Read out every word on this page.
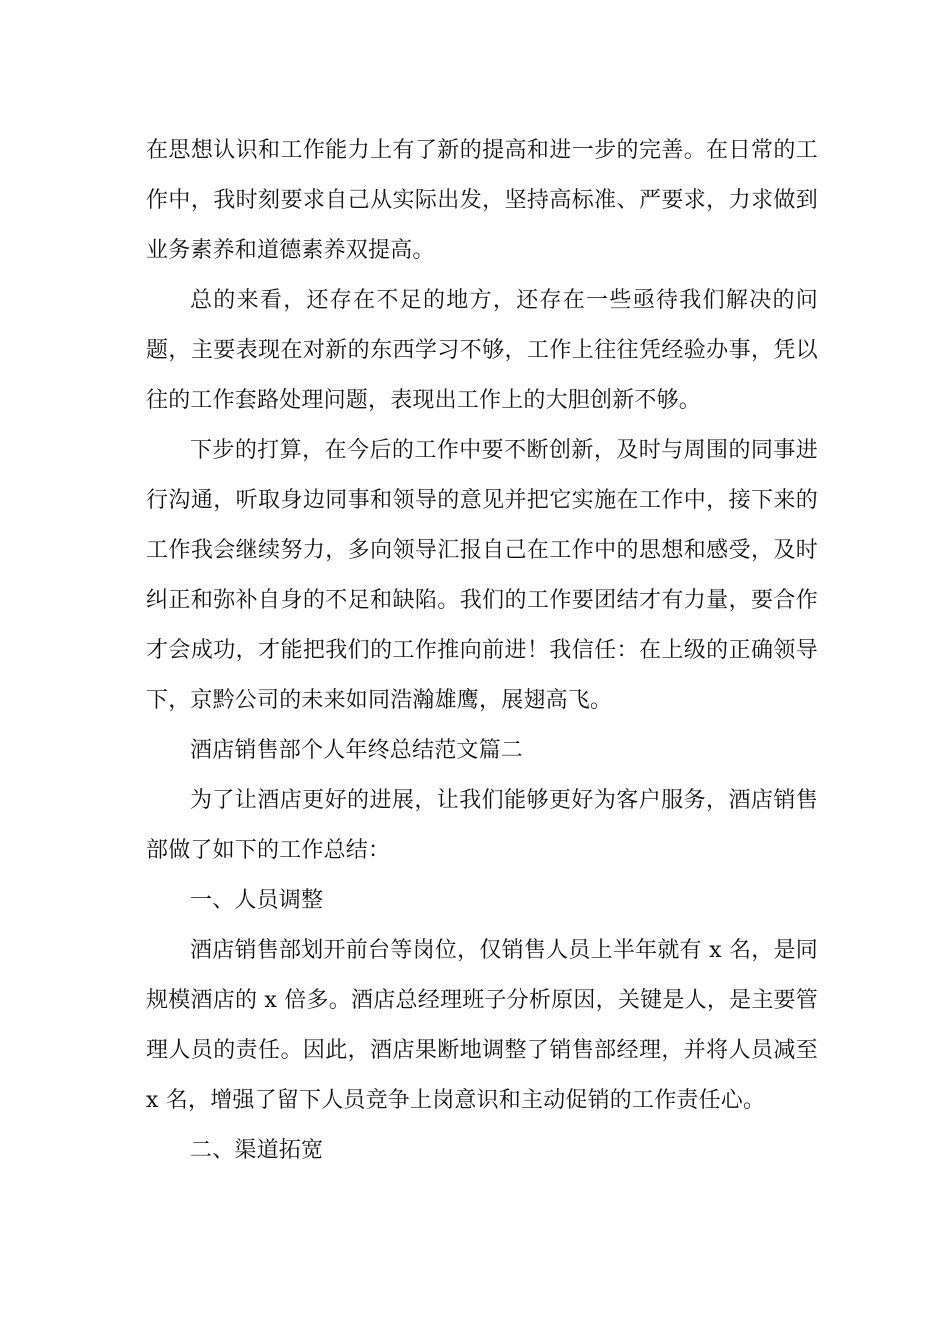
在思想认识和工作能力上有了新的提高和进一步的完善。在日常的工作中，我时刻要求自己从实际出发，坚持高标准、严要求，力求做到业务素养和道德素养双提高。

总的来看，还存在不足的地方，还存在一些亟待我们解决的问题，主要表现在对新的东西学习不够，工作上往往凭经验办事，凭以往的工作套路处理问题，表现出工作上的大胆创新不够。

下步的打算，在今后的工作中要不断创新，及时与周围的同事进行沟通，听取身边同事和领导的意见并把它实施在工作中，接下来的工作我会继续努力，多向领导汇报自己在工作中的思想和感受，及时纠正和弥补自身的不足和缺陷。我们的工作要团结才有力量，要合作才会成功，才能把我们的工作推向前进！我信任：在上级的正确领导下，京黔公司的未来如同浩瀚雄鹰，展翅高飞。

酒店销售部个人年终总结范文篇二

为了让酒店更好的进展，让我们能够更好为客户服务，酒店销售部做了如下的工作总结：

一、人员调整

酒店销售部划开前台等岗位，仅销售人员上半年就有 x 名，是同规模酒店的 x 倍多。酒店总经理班子分析原因，关键是人，是主要管理人员的责任。因此，酒店果断地调整了销售部经理，并将人员减至 x 名，增强了留下人员竞争上岗意识和主动促销的工作责任心。

二、渠道拓宽
